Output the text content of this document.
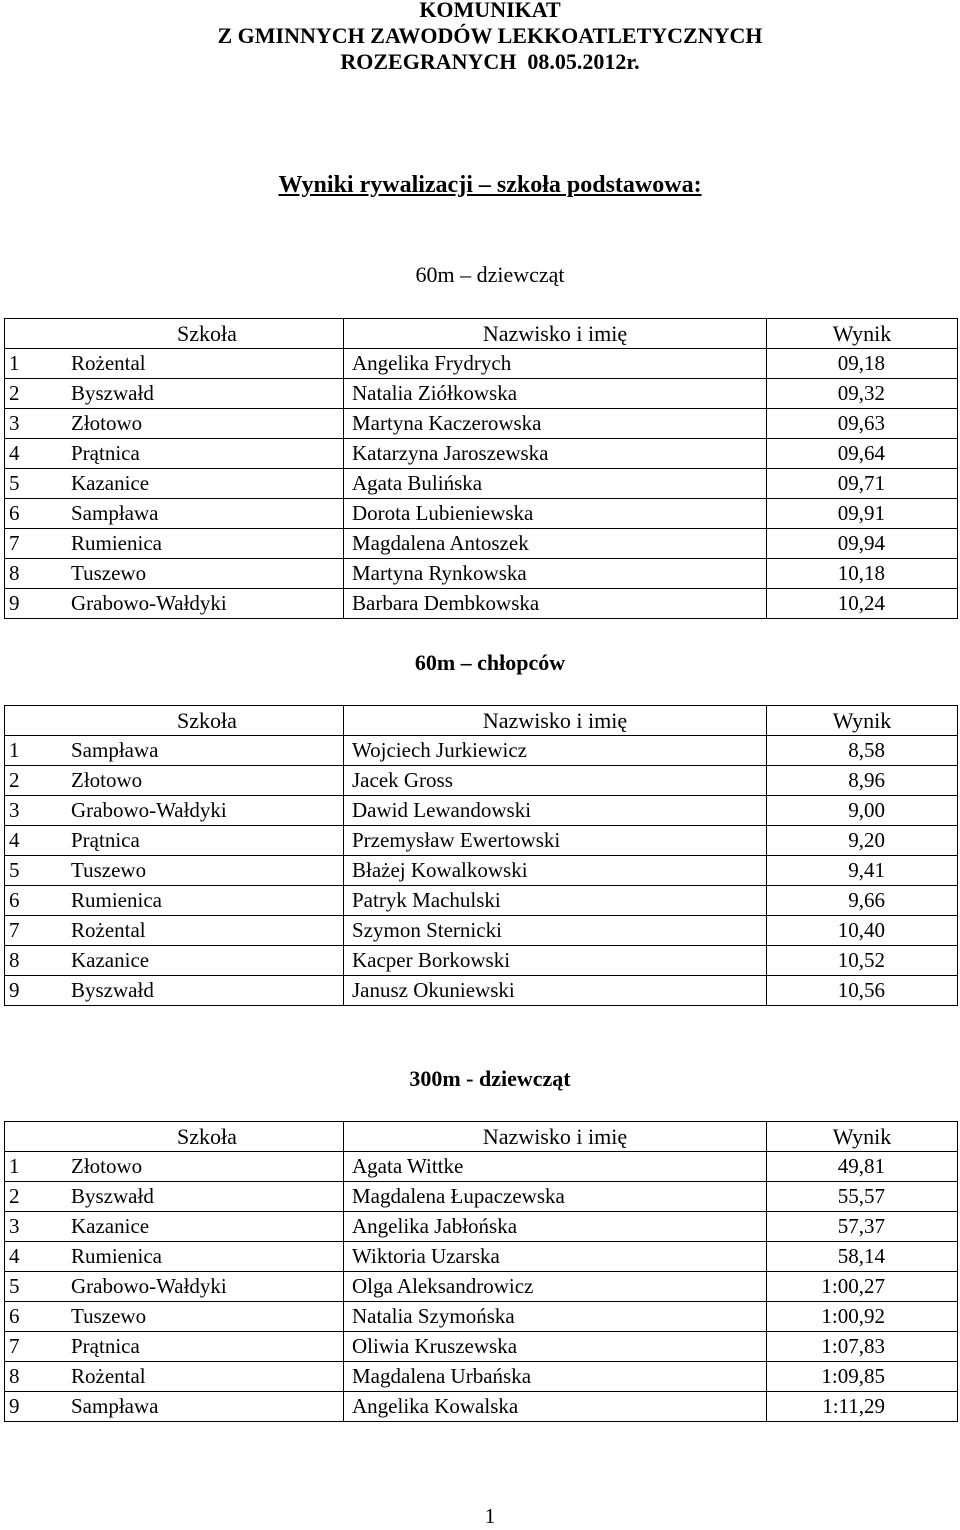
KOMUNIKAT
Z GMINNYCH ZAWODÓW LEKKOATLETYCZNYCH
ROZEGRANYCH  08.05.2012r.
Wyniki rywalizacji – szkoła podstawowa:
60m – dziewcząt
	Szkoła	Nazwisko i imię	Wynik
1	Rożental	Angelika Frydrych	09,18
2	Byszwałd	Natalia Ziółkowska	09,32
3	Złotowo	Martyna Kaczerowska	09,63
4	Prątnica	Katarzyna Jaroszewska	09,64
5	Kazanice	Agata Bulińska	09,71
6	Sampława	Dorota Lubieniewska	09,91
7	Rumienica	Magdalena Antoszek	09,94
8	Tuszewo	Martyna Rynkowska	10,18
9	Grabowo-Wałdyki	Barbara Dembkowska	10,24
60m – chłopców
	Szkoła	Nazwisko i imię	Wynik
1	Sampława	Wojciech Jurkiewicz	8,58
2	Złotowo	Jacek Gross	8,96
3	Grabowo-Wałdyki	Dawid Lewandowski	9,00
4	Prątnica	Przemysław Ewertowski	9,20
5	Tuszewo	Błażej Kowalkowski	9,41
6	Rumienica	Patryk Machulski	9,66
7	Rożental	Szymon Sternicki	10,40
8	Kazanice	Kacper Borkowski	10,52
9	Byszwałd	Janusz Okuniewski	10,56
300m - dziewcząt
	Szkoła	Nazwisko i imię	Wynik
1	Złotowo	Agata Wittke	49,81
2	Byszwałd	Magdalena Łupaczewska	55,57
3	Kazanice	Angelika Jabłońska	57,37
4	Rumienica	Wiktoria Uzarska	58,14
5	Grabowo-Wałdyki	Olga Aleksandrowicz	1:00,27
6	Tuszewo	Natalia Szymońska	1:00,92
7	Prątnica	Oliwia Kruszewska	1:07,83
8	Rożental	Magdalena Urbańska	1:09,85
9	Sampława	Angelika Kowalska	1:11,29
1
